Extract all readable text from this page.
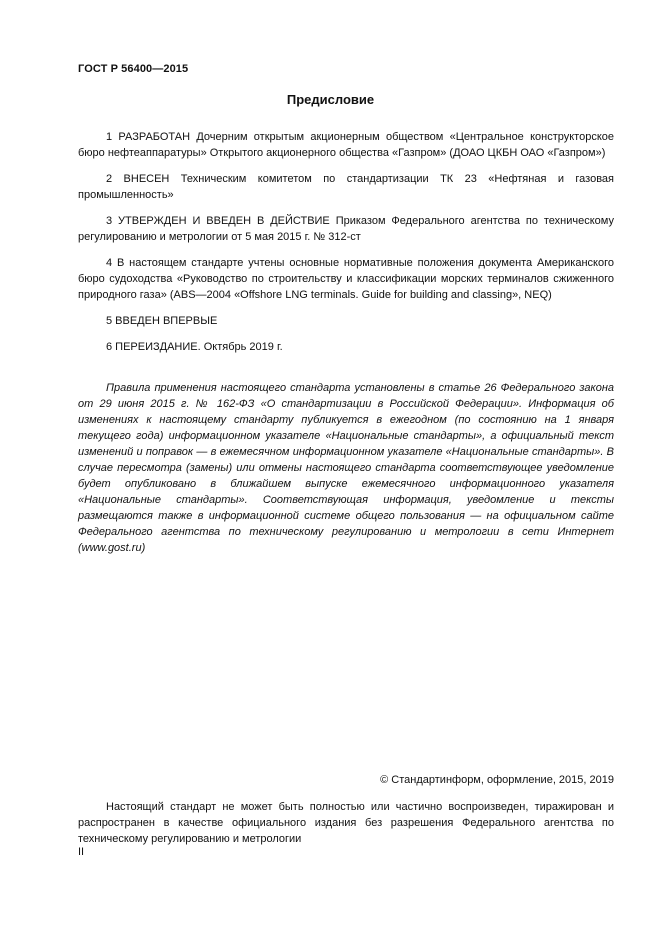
ГОСТ Р 56400—2015
Предисловие

1 РАЗРАБОТАН Дочерним открытым акционерным обществом «Центральное конструкторское бюро нефтеаппаратуры» Открытого акционерного общества «Газпром» (ДОАО ЦКБН ОАО «Газпром»)

2 ВНЕСЕН Техническим комитетом по стандартизации ТК 23 «Нефтяная и газовая промышленность»

3 УТВЕРЖДЕН И ВВЕДЕН В ДЕЙСТВИЕ Приказом Федерального агентства по техническому регулированию и метрологии от 5 мая 2015 г. № 312-ст

4 В настоящем стандарте учтены основные нормативные положения документа Американского бюро судоходства «Руководство по строительству и классификации морских терминалов сжиженного природного газа» (ABS—2004 «Offshore LNG terminals. Guide for building and classing», NEQ)

5 ВВЕДЕН ВПЕРВЫЕ

6 ПЕРЕИЗДАНИЕ. Октябрь 2019 г.

Правила применения настоящего стандарта установлены в статье 26 Федерального закона от 29 июня 2015 г. № 162-ФЗ «О стандартизации в Российской Федерации». Информация об изменениях к настоящему стандарту публикуется в ежегодном (по состоянию на 1 января текущего года) информационном указателе «Национальные стандарты», а официальный текст изменений и поправок — в ежемесячном информационном указателе «Национальные стандарты». В случае пересмотра (замены) или отмены настоящего стандарта соответствующее уведомление будет опубликовано в ближайшем выпуске ежемесячного информационного указателя «Национальные стандарты». Соответствующая информация, уведомление и тексты размещаются также в информационной системе общего пользования — на официальном сайте Федерального агентства по техническому регулированию и метрологии в сети Интернет (www.gost.ru)
© Стандартинформ, оформление, 2015, 2019
Настоящий стандарт не может быть полностью или частично воспроизведен, тиражирован и распространен в качестве официального издания без разрешения Федерального агентства по техническому регулированию и метрологии
II
